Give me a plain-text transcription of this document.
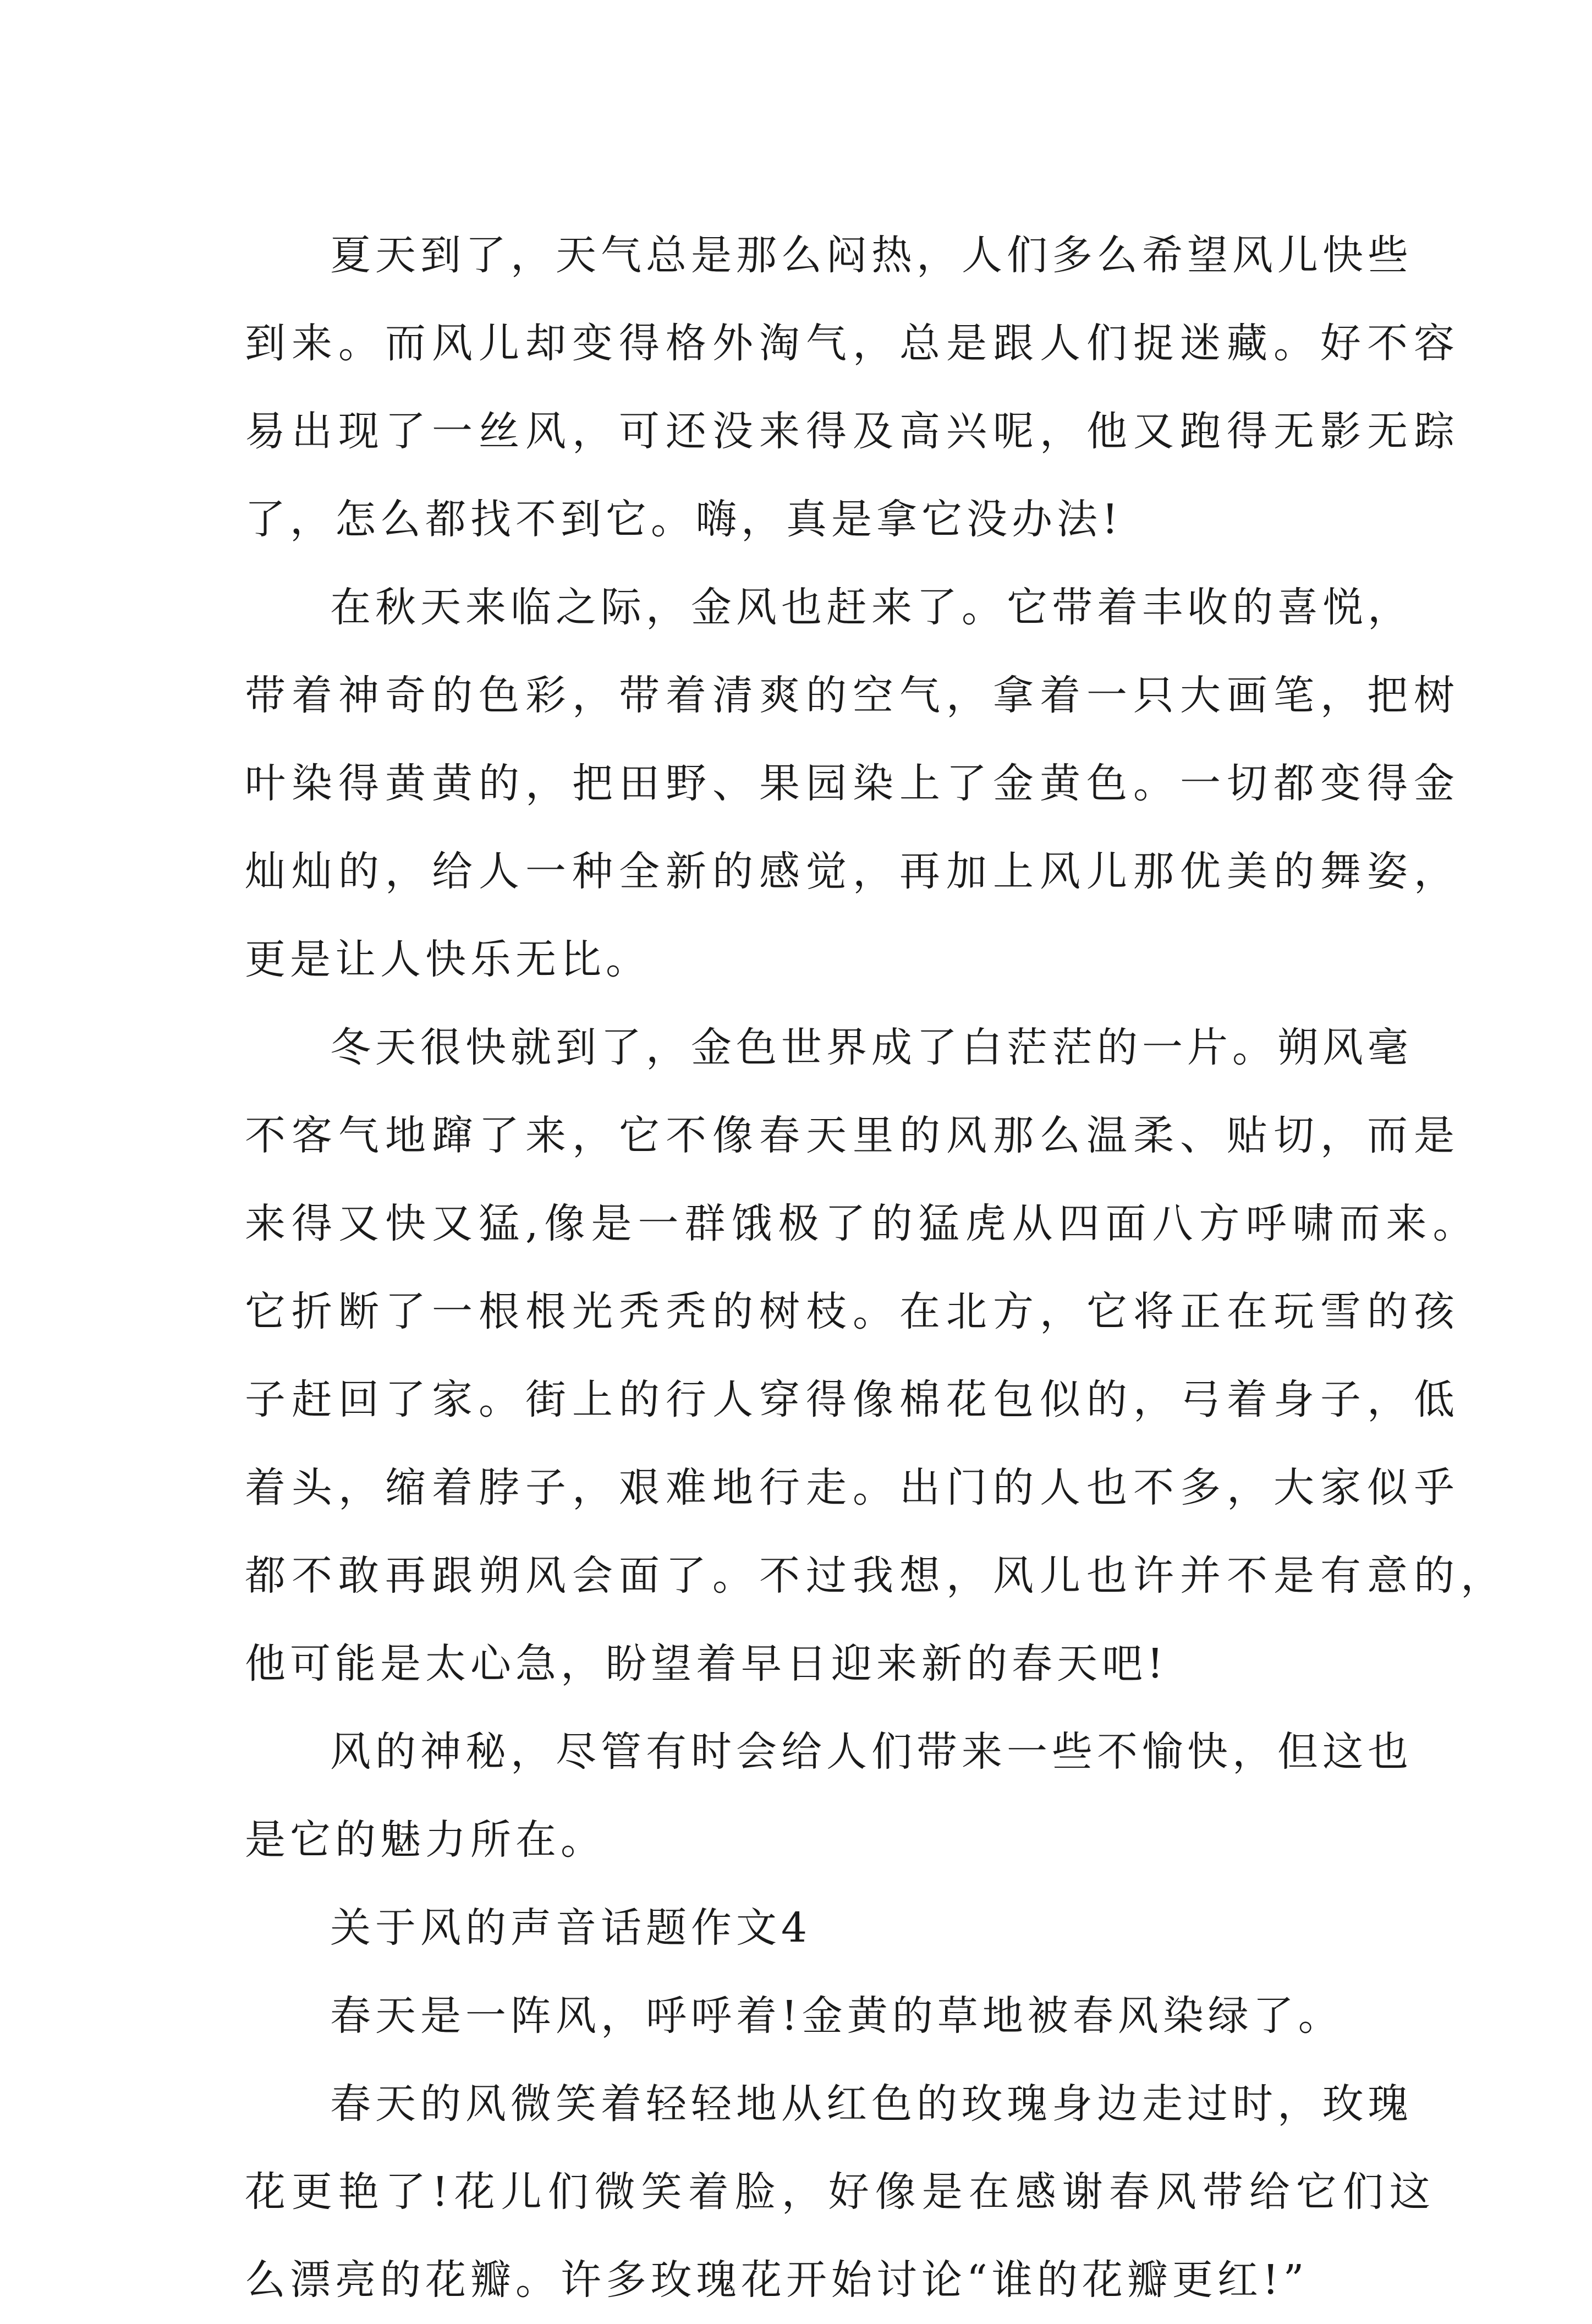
夏天到了，天气总是那么闷热，人们多么希望风儿快些
到来。而风儿却变得格外淘气，总是跟人们捉迷藏。好不容
易出现了一丝风，可还没来得及高兴呢，他又跑得无影无踪
了，怎么都找不到它。嗨，真是拿它没办法!
在秋天来临之际，金风也赶来了。它带着丰收的喜悦，
带着神奇的色彩，带着清爽的空气，拿着一只大画笔，把树
叶染得黄黄的，把田野、果园染上了金黄色。一切都变得金
灿灿的，给人一种全新的感觉，再加上风儿那优美的舞姿，
更是让人快乐无比。
冬天很快就到了，金色世界成了白茫茫的一片。朔风毫
不客气地蹿了来，它不像春天里的风那么温柔、贴切，而是
来得又快又猛,像是一群饿极了的猛虎从四面八方呼啸而来。
它折断了一根根光秃秃的树枝。在北方，它将正在玩雪的孩
子赶回了家。街上的行人穿得像棉花包似的，弓着身子，低
着头，缩着脖子，艰难地行走。出门的人也不多，大家似乎
都不敢再跟朔风会面了。不过我想，风儿也许并不是有意的，
他可能是太心急，盼望着早日迎来新的春天吧!
风的神秘，尽管有时会给人们带来一些不愉快，但这也
是它的魅力所在。
关于风的声音话题作文4
春天是一阵风，呼呼着!金黄的草地被春风染绿了。
春天的风微笑着轻轻地从红色的玫瑰身边走过时，玫瑰
花更艳了!花儿们微笑着脸，好像是在感谢春风带给它们这
么漂亮的花瓣。许多玫瑰花开始讨论“谁的花瓣更红!”
